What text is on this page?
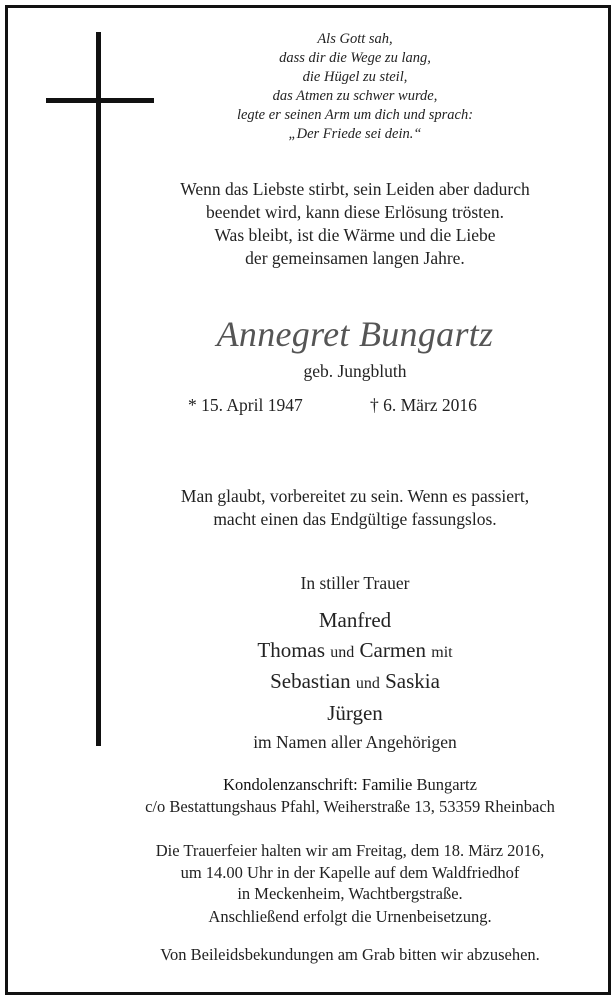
Als Gott sah,
dass dir die Wege zu lang,
die Hügel zu steil,
das Atmen zu schwer wurde,
legte er seinen Arm um dich und sprach:
„Der Friede sei dein.“
Wenn das Liebste stirbt, sein Leiden aber dadurch
beendet wird, kann diese Erlösung trösten.
Was bleibt, ist die Wärme und die Liebe
der gemeinsamen langen Jahre.
Annegret Bungartz
geb. Jungbluth
* 15. April 1947	† 6. März 2016
Man glaubt, vorbereitet zu sein. Wenn es passiert,
macht einen das Endgültige fassungslos.
In stiller Trauer
Manfred
Thomas und Carmen mit
Sebastian und Saskia
Jürgen
im Namen aller Angehörigen
Kondolenzanschrift: Familie Bungartz
c/o Bestattungshaus Pfahl, Weiherstraße 13, 53359 Rheinbach
Die Trauerfeier halten wir am Freitag, dem 18. März 2016,
um 14.00 Uhr in der Kapelle auf dem Waldfriedhof
in Meckenheim, Wachtbergstraße.
Anschließend erfolgt die Urnenbeisetzung.
Von Beileidsbekundungen am Grab bitten wir abzusehen.
